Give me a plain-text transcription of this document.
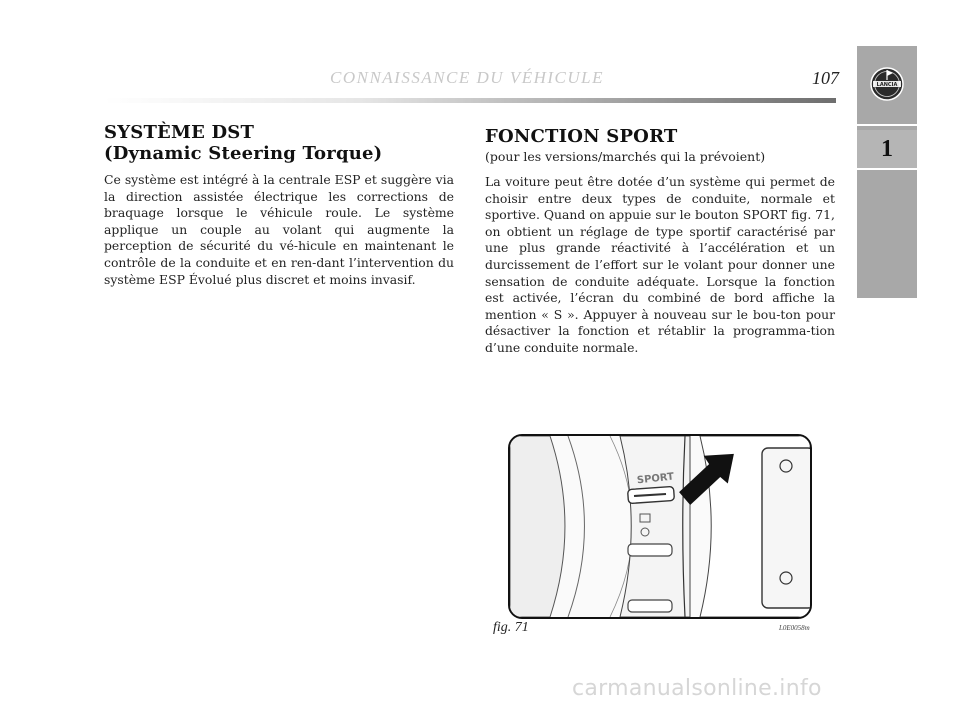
CONNAISSANCE DU VÉHICULE	107	LANCIA
1
SYSTÈME DST
(Dynamic Steering Torque)

Ce système est intégré à la centrale ESP et suggère via la direction assistée électrique les corrections de braquage lorsque le véhicule roule. Le système applique un couple au volant qui augmente la perception de sécurité du vé-hicule en maintenant le contrôle de la conduite et en ren-dant l’intervention du système ESP Évolué plus discret et moins invasif.

FONCTION SPORT

(pour les versions/marchés qui la prévoient)

La voiture peut être dotée d’un système qui permet de choisir entre deux types de conduite, normale et sportive. Quand on appuie sur le bouton SPORT fig. 71, on obtient un réglage de type sportif caractérisé par une plus grande réactivité à l’accélération et un durcissement de l’effort sur le volant pour donner une sensation de conduite adéquate. Lorsque la fonction est activée, l’écran du combiné de bord affiche la mention « S ». Appuyer à nouveau sur le bou-ton pour désactiver la fonction et rétablir la programma-tion d’une conduite normale.

SPORT
fig. 71	L0E0058m
carmanualsonline.info
